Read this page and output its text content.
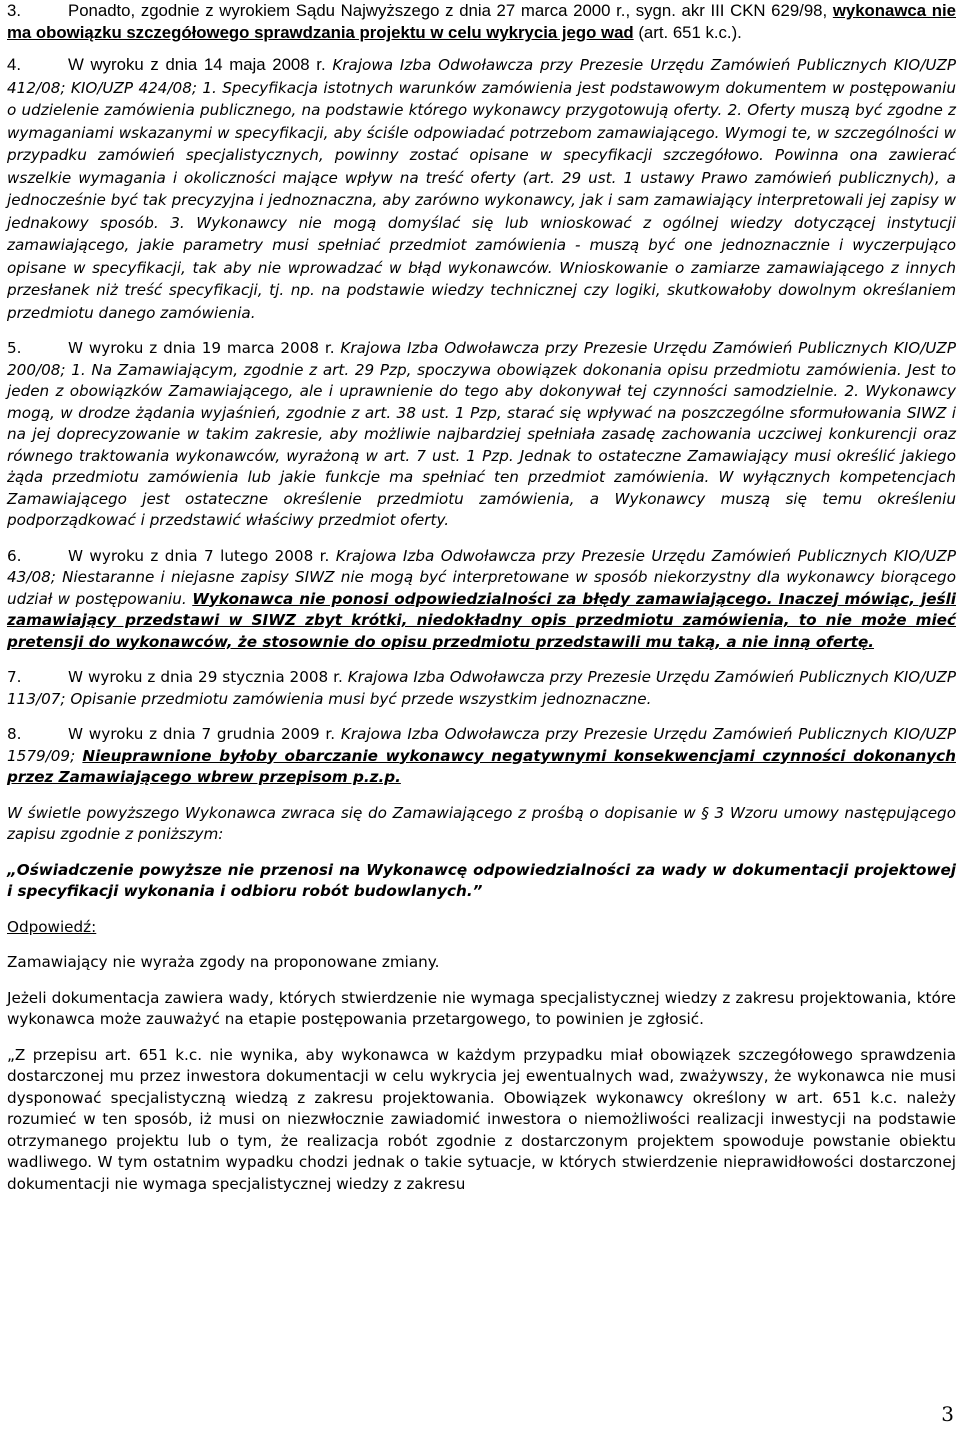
3.	Ponadto, zgodnie z wyrokiem Sądu Najwyższego z dnia 27 marca 2000 r., sygn. akr III CKN 629/98, wykonawca nie ma obowiązku szczegółowego sprawdzania projektu w celu wykrycia jego wad (art. 651 k.c.).

4.	W wyroku z dnia 14 maja 2008 r. Krajowa Izba Odwoławcza przy Prezesie Urzędu Zamówień Publicznych KIO/UZP 412/08; KIO/UZP 424/08; 1. Specyfikacja istotnych warunków zamówienia jest podstawowym dokumentem w postępowaniu o udzielenie zamówienia publicznego, na podstawie którego wykonawcy przygotowują oferty. 2. Oferty muszą być zgodne z wymaganiami wskazanymi w specyfikacji, aby ściśle odpowiadać potrzebom zamawiającego. Wymogi te, w szczególności w przypadku zamówień specjalistycznych, powinny zostać opisane w specyfikacji szczegółowo. Powinna ona zawierać wszelkie wymagania i okoliczności mające wpływ na treść oferty (art. 29 ust. 1 ustawy Prawo zamówień publicznych), a jednocześnie być tak precyzyjna i jednoznaczna, aby zarówno wykonawcy, jak i sam zamawiający interpretowali jej zapisy w jednakowy sposób. 3. Wykonawcy nie mogą domyślać się lub wnioskować z ogólnej wiedzy dotyczącej instytucji zamawiającego, jakie parametry musi spełniać przedmiot zamówienia - muszą być one jednoznacznie i wyczerpująco opisane w specyfikacji, tak aby nie wprowadzać w błąd wykonawców. Wnioskowanie o zamiarze zamawiającego z innych przesłanek niż treść specyfikacji, tj. np. na podstawie wiedzy technicznej czy logiki, skutkowałoby dowolnym określaniem przedmiotu danego zamówienia.

5.	W wyroku z dnia 19 marca 2008 r. Krajowa Izba Odwoławcza przy Prezesie Urzędu Zamówień Publicznych KIO/UZP 200/08; 1. Na Zamawiającym, zgodnie z art. 29 Pzp, spoczywa obowiązek dokonania opisu przedmiotu zamówienia. Jest to jeden z obowiązków Zamawiającego, ale i uprawnienie do tego aby dokonywał tej czynności samodzielnie. 2. Wykonawcy mogą, w drodze żądania wyjaśnień, zgodnie z art. 38 ust. 1 Pzp, starać się wpływać na poszczególne sformułowania SIWZ i na jej doprecyzowanie w takim zakresie, aby możliwie najbardziej spełniała zasadę zachowania uczciwej konkurencji oraz równego traktowania wykonawców, wyrażoną w art. 7 ust. 1 Pzp. Jednak to ostateczne Zamawiający musi określić jakiego żąda przedmiotu zamówienia lub jakie funkcje ma spełniać ten przedmiot zamówienia. W wyłącznych kompetencjach Zamawiającego jest ostateczne określenie przedmiotu zamówienia, a Wykonawcy muszą się temu określeniu podporządkować i przedstawić właściwy przedmiot oferty.

6.	W wyroku z dnia 7 lutego 2008 r. Krajowa Izba Odwoławcza przy Prezesie Urzędu Zamówień Publicznych KIO/UZP 43/08; Niestaranne i niejasne zapisy SIWZ nie mogą być interpretowane w sposób niekorzystny dla wykonawcy biorącego udział w postępowaniu. Wykonawca nie ponosi odpowiedzialności za błędy zamawiającego. Inaczej mówiąc, jeśli zamawiający przedstawi w SIWZ zbyt krótki, niedokładny opis przedmiotu zamówienia, to nie może mieć pretensji do wykonawców, że stosownie do opisu przedmiotu przedstawili mu taką, a nie inną ofertę.

7.	W wyroku z dnia 29 stycznia 2008 r. Krajowa Izba Odwoławcza przy Prezesie Urzędu Zamówień Publicznych KIO/UZP 113/07; Opisanie przedmiotu zamówienia musi być przede wszystkim jednoznaczne.

8.	W wyroku z dnia 7 grudnia 2009 r. Krajowa Izba Odwoławcza przy Prezesie Urzędu Zamówień Publicznych KIO/UZP 1579/09; Nieuprawnione byłoby obarczanie wykonawcy negatywnymi konsekwencjami czynności dokonanych przez Zamawiającego wbrew przepisom p.z.p.

W świetle powyższego Wykonawca zwraca się do Zamawiającego z prośbą o dopisanie w § 3 Wzoru umowy następującego zapisu zgodnie z poniższym:

„Oświadczenie powyższe nie przenosi na Wykonawcę odpowiedzialności za wady w dokumentacji projektowej i specyfikacji wykonania i odbioru robót budowlanych.”

Odpowiedź:

Zamawiający nie wyraża zgody na proponowane zmiany.

Jeżeli dokumentacja zawiera wady, których stwierdzenie nie wymaga specjalistycznej wiedzy z zakresu projektowania, które wykonawca może zauważyć na etapie postępowania przetargowego, to powinien je zgłosić.

„Z przepisu art. 651 k.c. nie wynika, aby wykonawca w każdym przypadku miał obowiązek szczegółowego sprawdzenia dostarczonej mu przez inwestora dokumentacji w celu wykrycia jej ewentualnych wad, zważywszy, że wykonawca nie musi dysponować specjalistyczną wiedzą z zakresu projektowania. Obowiązek wykonawcy określony w art. 651 k.c. należy rozumieć w ten sposób, iż musi on niezwłocznie zawiadomić inwestora o niemożliwości realizacji inwestycji na podstawie otrzymanego projektu lub o tym, że realizacja robót zgodnie z dostarczonym projektem spowoduje powstanie obiektu wadliwego. W tym ostatnim wypadku chodzi jednak o takie sytuacje, w których stwierdzenie nieprawidłowości dostarczonej dokumentacji nie wymaga specjalistycznej wiedzy z zakresu

3
